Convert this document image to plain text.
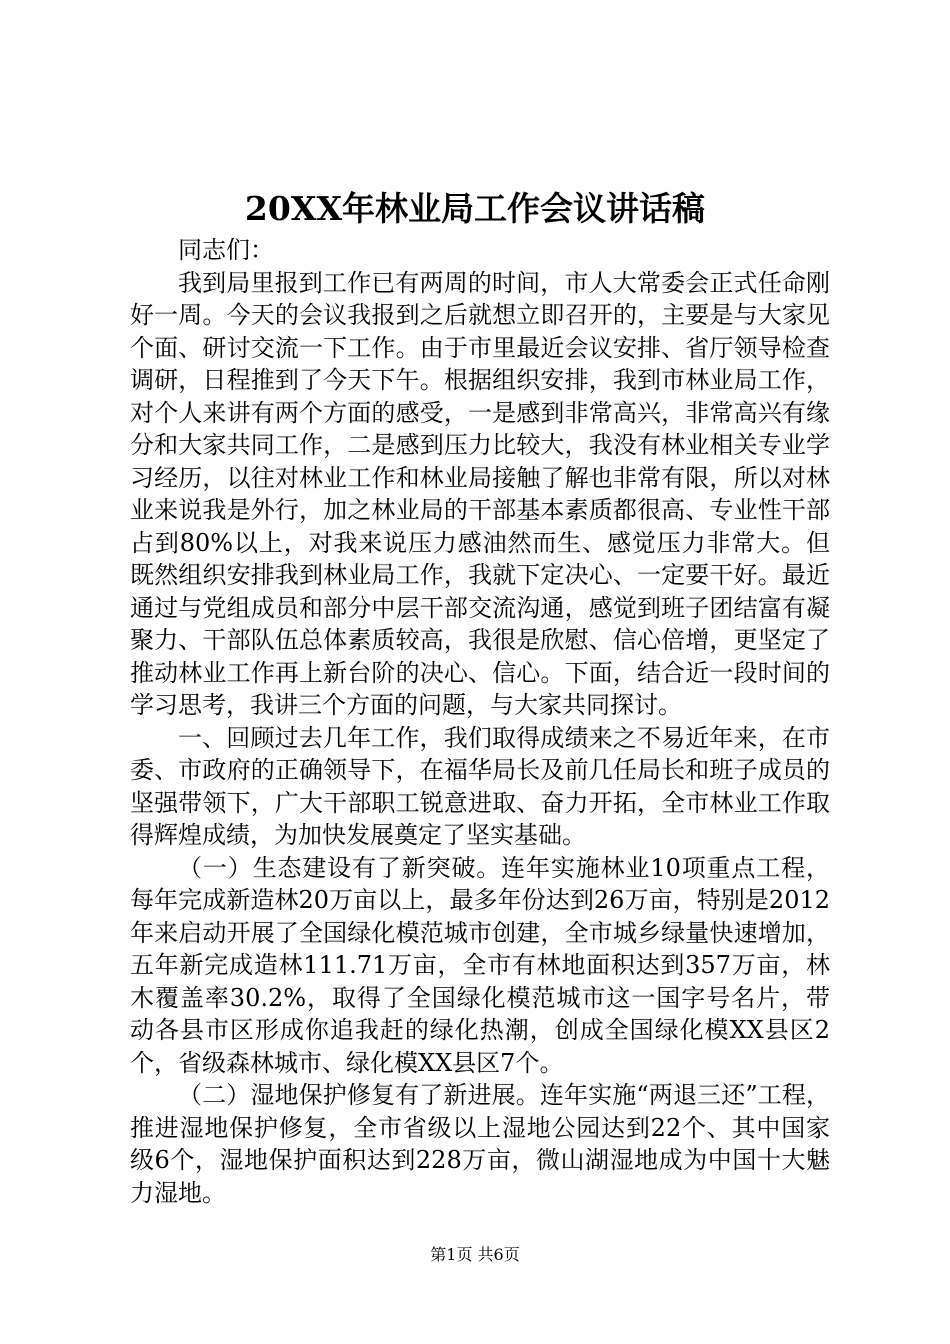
20XX年林业局工作会议讲话稿

同志们：

我到局里报到工作已有两周的时间，市人大常委会正式任命刚好一周。今天的会议我报到之后就想立即召开的，主要是与大家见个面、研讨交流一下工作。由于市里最近会议安排、省厅领导检查调研，日程推到了今天下午。根据组织安排，我到市林业局工作，对个人来讲有两个方面的感受，一是感到非常高兴，非常高兴有缘分和大家共同工作，二是感到压力比较大，我没有林业相关专业学习经历，以往对林业工作和林业局接触了解也非常有限，所以对林业来说我是外行，加之林业局的干部基本素质都很高、专业性干部占到80%以上，对我来说压力感油然而生、感觉压力非常大。但既然组织安排我到林业局工作，我就下定决心、一定要干好。最近通过与党组成员和部分中层干部交流沟通，感觉到班子团结富有凝聚力、干部队伍总体素质较高，我很是欣慰、信心倍增，更坚定了推动林业工作再上新台阶的决心、信心。下面，结合近一段时间的学习思考，我讲三个方面的问题，与大家共同探讨。

一、回顾过去几年工作，我们取得成绩来之不易近年来，在市委、市政府的正确领导下，在福华局长及前几任局长和班子成员的坚强带领下，广大干部职工锐意进取、奋力开拓，全市林业工作取得辉煌成绩，为加快发展奠定了坚实基础。

（一）生态建设有了新突破。连年实施林业10项重点工程，每年完成新造林20万亩以上，最多年份达到26万亩，特别是2012年来启动开展了全国绿化模范城市创建，全市城乡绿量快速增加，五年新完成造林111.71万亩，全市有林地面积达到357万亩，林木覆盖率30.2%，取得了全国绿化模范城市这一国字号名片，带动各县市区形成你追我赶的绿化热潮，创成全国绿化模XX县区2个，省级森林城市、绿化模XX县区7个。

（二）湿地保护修复有了新进展。连年实施“两退三还”工程，推进湿地保护修复，全市省级以上湿地公园达到22个、其中国家级6个，湿地保护面积达到228万亩，微山湖湿地成为中国十大魅力湿地。

第1页 共6页
